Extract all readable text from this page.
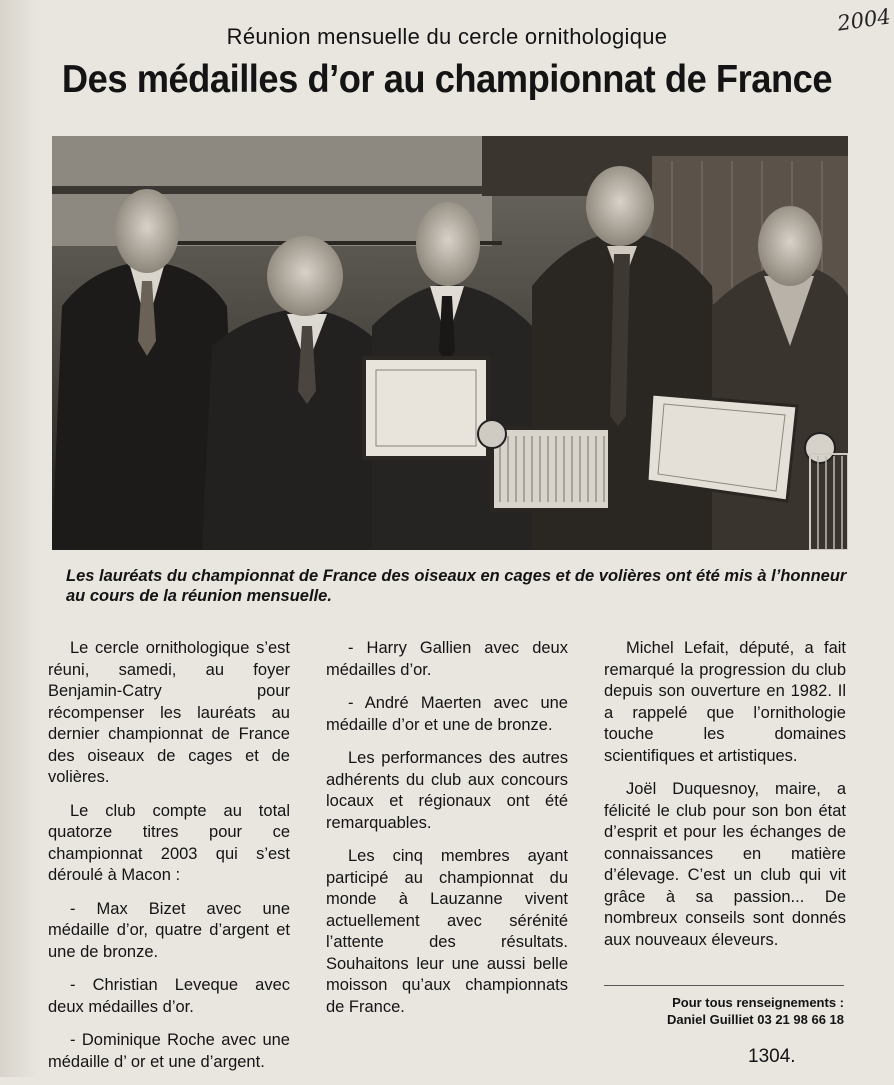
2004
Réunion mensuelle du cercle ornithologique
Des médailles d’or au championnat de France
Les lauréats du championnat de France des oiseaux en cages et de volières ont été mis à l’honneur au cours de la réunion mensuelle.

Le cercle ornithologique s’est réuni, samedi, au foyer Benjamin-Catry pour récompenser les lauréats au dernier championnat de France des oiseaux de cages et de volières.

Le club compte au total quatorze titres pour ce championnat 2003 qui s’est déroulé à Macon :

- Max Bizet avec une médaille d’or, quatre d’argent et une de bronze.

- Christian Leveque avec deux médailles d’or.

- Dominique Roche avec une médaille d’ or et une d’argent.

- Harry Gallien avec deux médailles d’or.

- André Maerten avec une médaille d’or et une de bronze.

Les performances des autres adhérents du club aux concours locaux et régionaux ont été remarquables.

Les cinq membres ayant participé au championnat du monde à Lauzanne vivent actuellement avec sérénité l’attente des résultats. Souhaitons leur une aussi belle moisson qu’aux championnats de France.

Michel Lefait, député, a fait remarqué la progression du club depuis son ouverture en 1982. Il a rappelé que l’ornithologie touche les domaines scientifiques et artistiques.

Joël Duquesnoy, maire, a félicité le club pour son bon état d’esprit et pour les échanges de connaissances en matière d’élevage. C’est un club qui vit grâce à sa passion... De nombreux conseils sont donnés aux nouveaux éleveurs.

Pour tous renseignements :
Daniel Guilliet 03 21 98 66 18
1304.
